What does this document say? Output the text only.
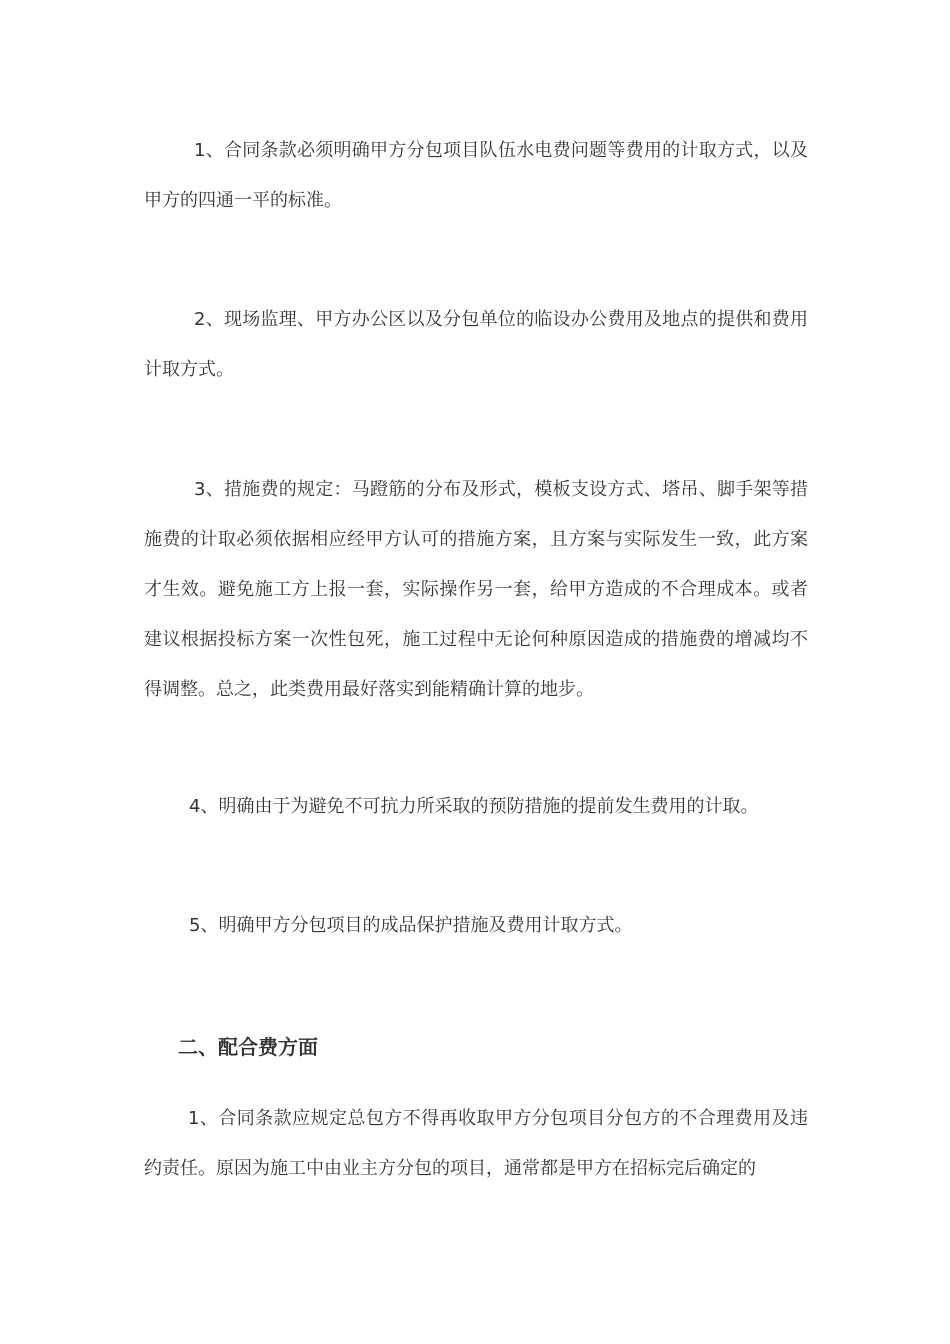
1、合同条款必须明确甲方分包项目队伍水电费问题等费用的计取方式，以及甲方的四通一平的标准。

2、现场监理、甲方办公区以及分包单位的临设办公费用及地点的提供和费用计取方式。

3、措施费的规定：马蹬筋的分布及形式，模板支设方式、塔吊、脚手架等措施费的计取必须依据相应经甲方认可的措施方案，且方案与实际发生一致，此方案才生效。避免施工方上报一套，实际操作另一套，给甲方造成的不合理成本。或者建议根据投标方案一次性包死，施工过程中无论何种原因造成的措施费的增减均不得调整。总之，此类费用最好落实到能精确计算的地步。

4、明确由于为避免不可抗力所采取的预防措施的提前发生费用的计取。

5、明确甲方分包项目的成品保护措施及费用计取方式。

二、配合费方面

1、合同条款应规定总包方不得再收取甲方分包项目分包方的不合理费用及违约责任。原因为施工中由业主方分包的项目，通常都是甲方在招标完后确定的
